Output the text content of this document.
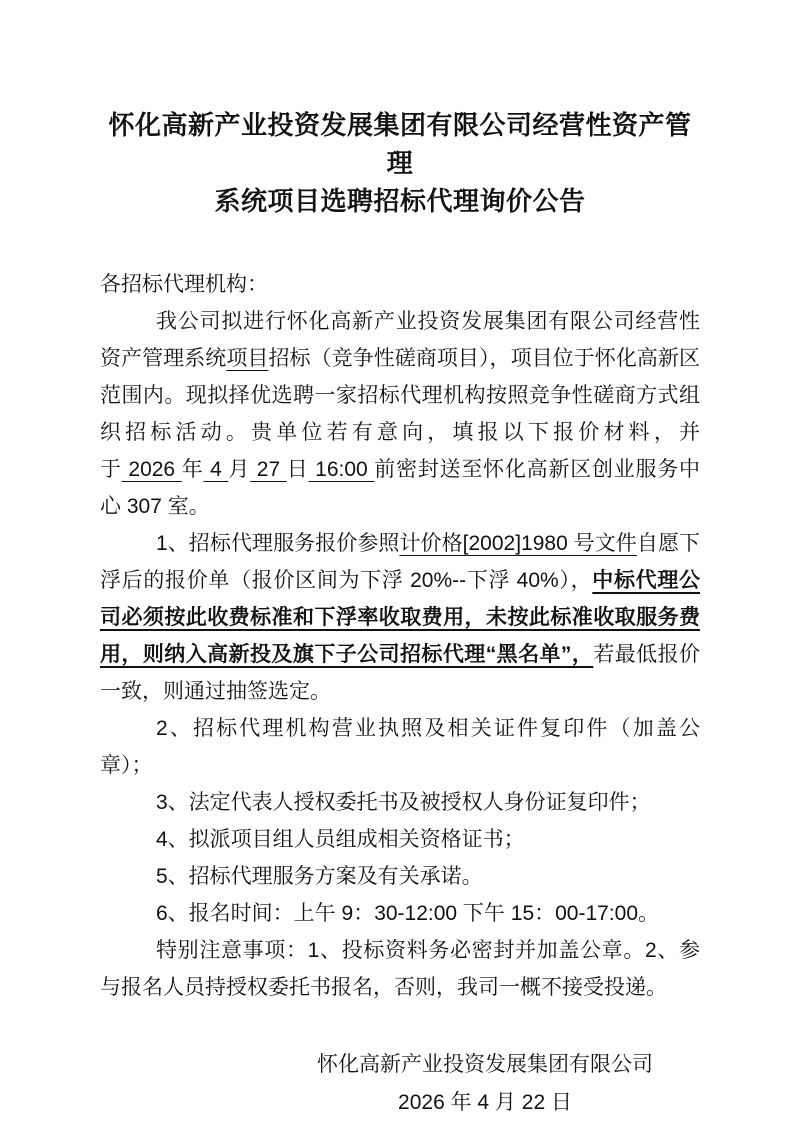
怀化高新产业投资发展集团有限公司经营性资产管理
系统项目选聘招标代理询价公告

各招标代理机构：

我公司拟进行怀化高新产业投资发展集团有限公司经营性资产管理系统项目招标（竞争性磋商项目），项目位于怀化高新区范围内。现拟择优选聘一家招标代理机构按照竞争性磋商方式组织招标活动。贵单位若有意向，填报以下报价材料，并于 2026 年 4 月 27 日 16:00 前密封送至怀化高新区创业服务中心 307 室。

1、招标代理服务报价参照计价格[2002]1980 号文件自愿下浮后的报价单（报价区间为下浮 20%--下浮 40%），中标代理公司必须按此收费标准和下浮率收取费用，未按此标准收取服务费用，则纳入高新投及旗下子公司招标代理“黑名单”，若最低报价一致，则通过抽签选定。

2、招标代理机构营业执照及相关证件复印件（加盖公章）；

3、法定代表人授权委托书及被授权人身份证复印件；

4、拟派项目组人员组成相关资格证书；

5、招标代理服务方案及有关承诺。

6、报名时间：上午 9：30-12:00 下午 15：00-17:00。

特别注意事项：1、投标资料务必密封并加盖公章。2、参与报名人员持授权委托书报名，否则，我司一概不接受投递。

怀化高新产业投资发展集团有限公司
2026 年 4 月 22 日
